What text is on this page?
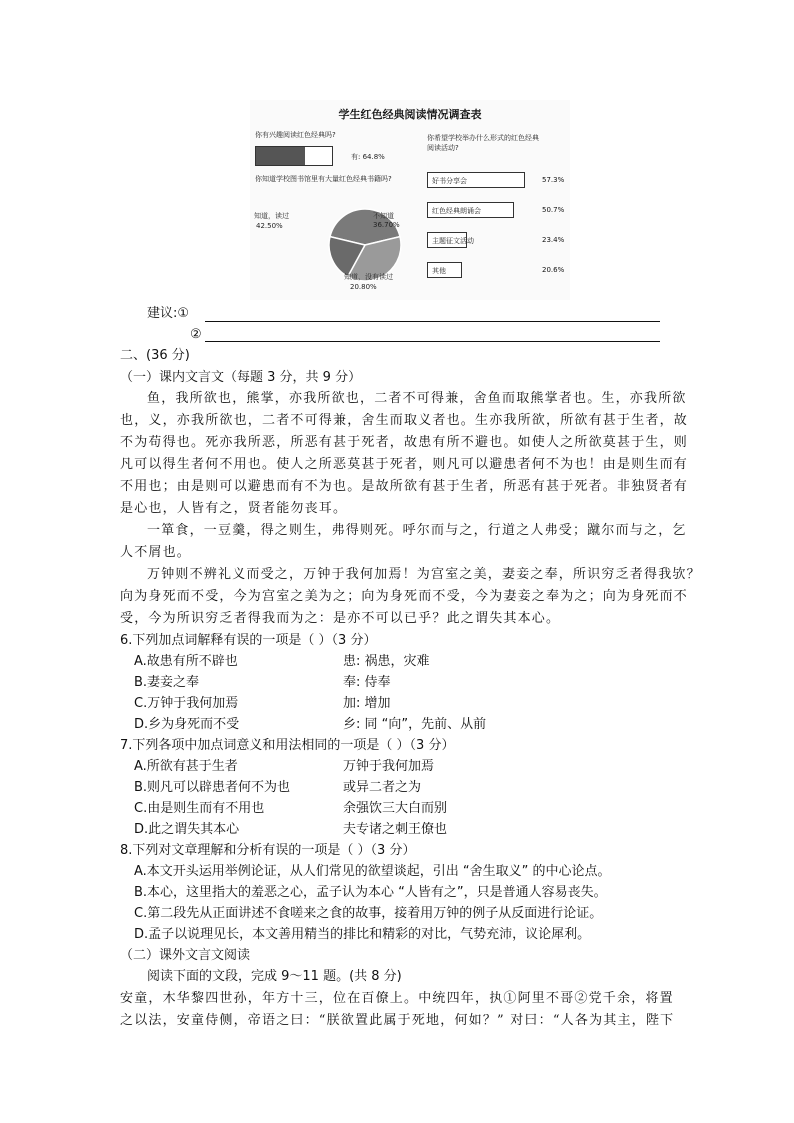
学生红色经典阅读情况调查表
你有兴趣阅读红色经典吗?
有: 64.8%
你知道学校图书馆里有大量红色经典书籍吗?
知道，读过
42.50%
不知道
36.70%
知道，没有读过
20.80%
你希望学校举办什么形式的红色经典
阅读活动?
好书分享会	57.3%
红色经典朗诵会	50.7%
主题征文活动	23.4%
其他	20.6%
建议:①
②
二、(36 分)
（一）课内文言文（每题 3 分，共 9 分）
鱼，我所欲也，熊掌，亦我所欲也，二者不可得兼，舍鱼而取熊掌者也。生，亦我所欲
也，义，亦我所欲也，二者不可得兼，舍生而取义者也。生亦我所欲，所欲有甚于生者，故
不为苟得也。死亦我所恶，所恶有甚于死者，故患有所不避也。如使人之所欲莫甚于生，则
凡可以得生者何不用也。使人之所恶莫甚于死者，则凡可以避患者何不为也！由是则生而有
不用也；由是则可以避患而有不为也。是故所欲有甚于生者，所恶有甚于死者。非独贤者有
是心也，人皆有之，贤者能勿丧耳。
一箪食，一豆羹，得之则生，弗得则死。呼尔而与之，行道之人弗受；蹴尔而与之，乞
人不屑也。
万钟则不辨礼义而受之，万钟于我何加焉！为宫室之美，妻妾之奉，所识穷乏者得我欤？
向为身死而不受，今为宫室之美为之；向为身死而不受，今为妻妾之奉为之；向为身死而不
受，今为所识穷乏者得我而为之：是亦不可以已乎？此之谓失其本心。
6.下列加点词解释有误的一项是（ ）（3 分）
A.故患有所不辟也	患: 祸患，灾难
B.妻妾之奉	奉: 侍奉
C.万钟于我何加焉	加: 增加
D.乡为身死而不受	乡: 同 “向”，先前、从前
7.下列各项中加点词意义和用法相同的一项是（ ）（3 分）
A.所欲有甚于生者	万钟于我何加焉
B.则凡可以辟患者何不为也	或异二者之为
C.由是则生而有不用也	余强饮三大白而别
D.此之谓失其本心	夫专诸之刺王僚也
8.下列对文章理解和分析有误的一项是（ ）（3 分）
A.本文开头运用举例论证，从人们常见的欲望谈起，引出 “舍生取义” 的中心论点。
B.本心，这里指大的羞恶之心，孟子认为本心 “人皆有之”，只是普通人容易丧失。
C.第二段先从正面讲述不食嗟来之食的故事，接着用万钟的例子从反面进行论证。
D.孟子以说理见长，本文善用精当的排比和精彩的对比，气势充沛，议论犀利。
（二）课外文言文阅读
阅读下面的文段，完成 9～11 题。(共 8 分)
安童，木华黎四世孙，年方十三，位在百僚上。中统四年，执①阿里不哥②党千余，将置
之以法，安童侍侧，帝语之曰：“朕欲置此属于死地，何如？” 对曰：“人各为其主，陛下
